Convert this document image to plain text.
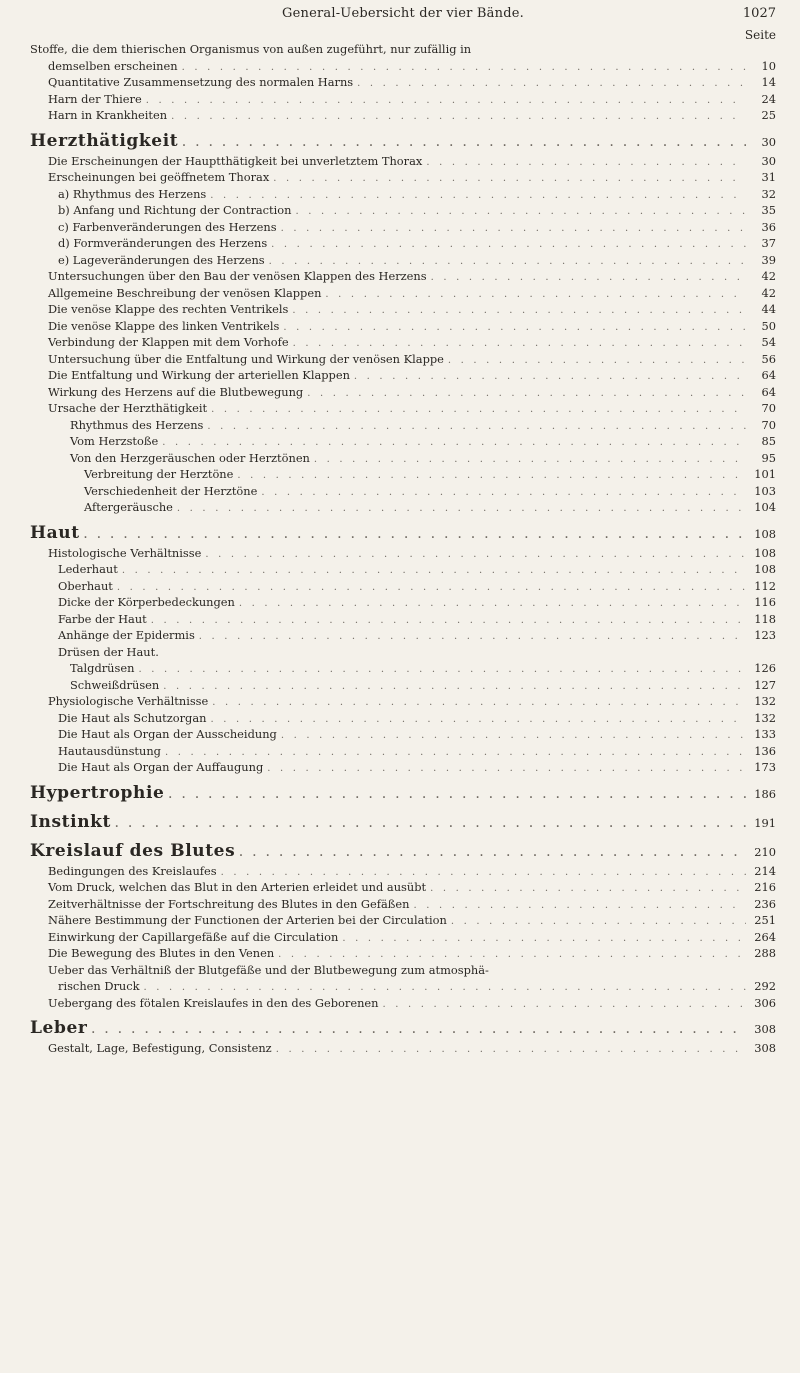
General-Uebersicht der vier Bände.	1027
Seite
Stoffe, die dem thierischen Organismus von außen zugeführt, nur zufällig in
demselben erscheinen . . .	10
Quantitative Zusammensetzung des normalen Harns . . .	14
Harn der Thiere . . .	24
Harn in Krankheiten . . .	25
Herzthätigkeit . . .	30
Die Erscheinungen der Hauptthätigkeit bei unverletztem Thorax . . .	30
Erscheinungen bei geöffnetem Thorax . . .	31
a) Rhythmus des Herzens . . .	32
b) Anfang und Richtung der Contraction . . .	35
c) Farbenveränderungen des Herzens . . .	36
d) Formveränderungen des Herzens . . .	37
e) Lageveränderungen des Herzens . . .	39
Untersuchungen über den Bau der venösen Klappen des Herzens . . .	42
Allgemeine Beschreibung der venösen Klappen . . .	42
Die venöse Klappe des rechten Ventrikels . . .	44
Die venöse Klappe des linken Ventrikels . . .	50
Verbindung der Klappen mit dem Vorhofe . . .	54
Untersuchung über die Entfaltung und Wirkung der venösen Klappe . . .	56
Die Entfaltung und Wirkung der arteriellen Klappen . . .	64
Wirkung des Herzens auf die Blutbewegung . . .	64
Ursache der Herzthätigkeit . . .	70
Rhythmus des Herzens . . .	70
Vom Herzstoße . . .	85
Von den Herzgeräuschen oder Herztönen . . .	95
Verbreitung der Herztöne . . .	101
Verschiedenheit der Herztöne . . .	103
Aftergeräusche . . .	104
Haut . . .	108
Histologische Verhältnisse . . .	108
Lederhaut . . .	108
Oberhaut . . .	112
Dicke der Körperbedeckungen . . .	116
Farbe der Haut . . .	118
Anhänge der Epidermis . . .	123
Drüsen der Haut.
Talgdrüsen . . .	126
Schweißdrüsen . . .	127
Physiologische Verhältnisse . . .	132
Die Haut als Schutzorgan . . .	132
Die Haut als Organ der Ausscheidung . . .	133
Hautausdünstung . . .	136
Die Haut als Organ der Auffaugung . . .	173
Hypertrophie . . .	186
Instinkt . . .	191
Kreislauf des Blutes . . .	210
Bedingungen des Kreislaufes . . .	214
Vom Druck, welchen das Blut in den Arterien erleidet und ausübt . . .	216
Zeitverhältnisse der Fortschreitung des Blutes in den Gefäßen . . .	236
Nähere Bestimmung der Functionen der Arterien bei der Circulation . . .	251
Einwirkung der Capillargefäße auf die Circulation . . .	264
Die Bewegung des Blutes in den Venen . . .	288
Ueber das Verhältniß der Blutgefäße und der Blutbewegung zum atmosphä-
rischen Druck . . .	292
Uebergang des fötalen Kreislaufes in den des Geborenen . . .	306
Leber . . .	308
Gestalt, Lage, Befestigung, Consistenz . . .	308
